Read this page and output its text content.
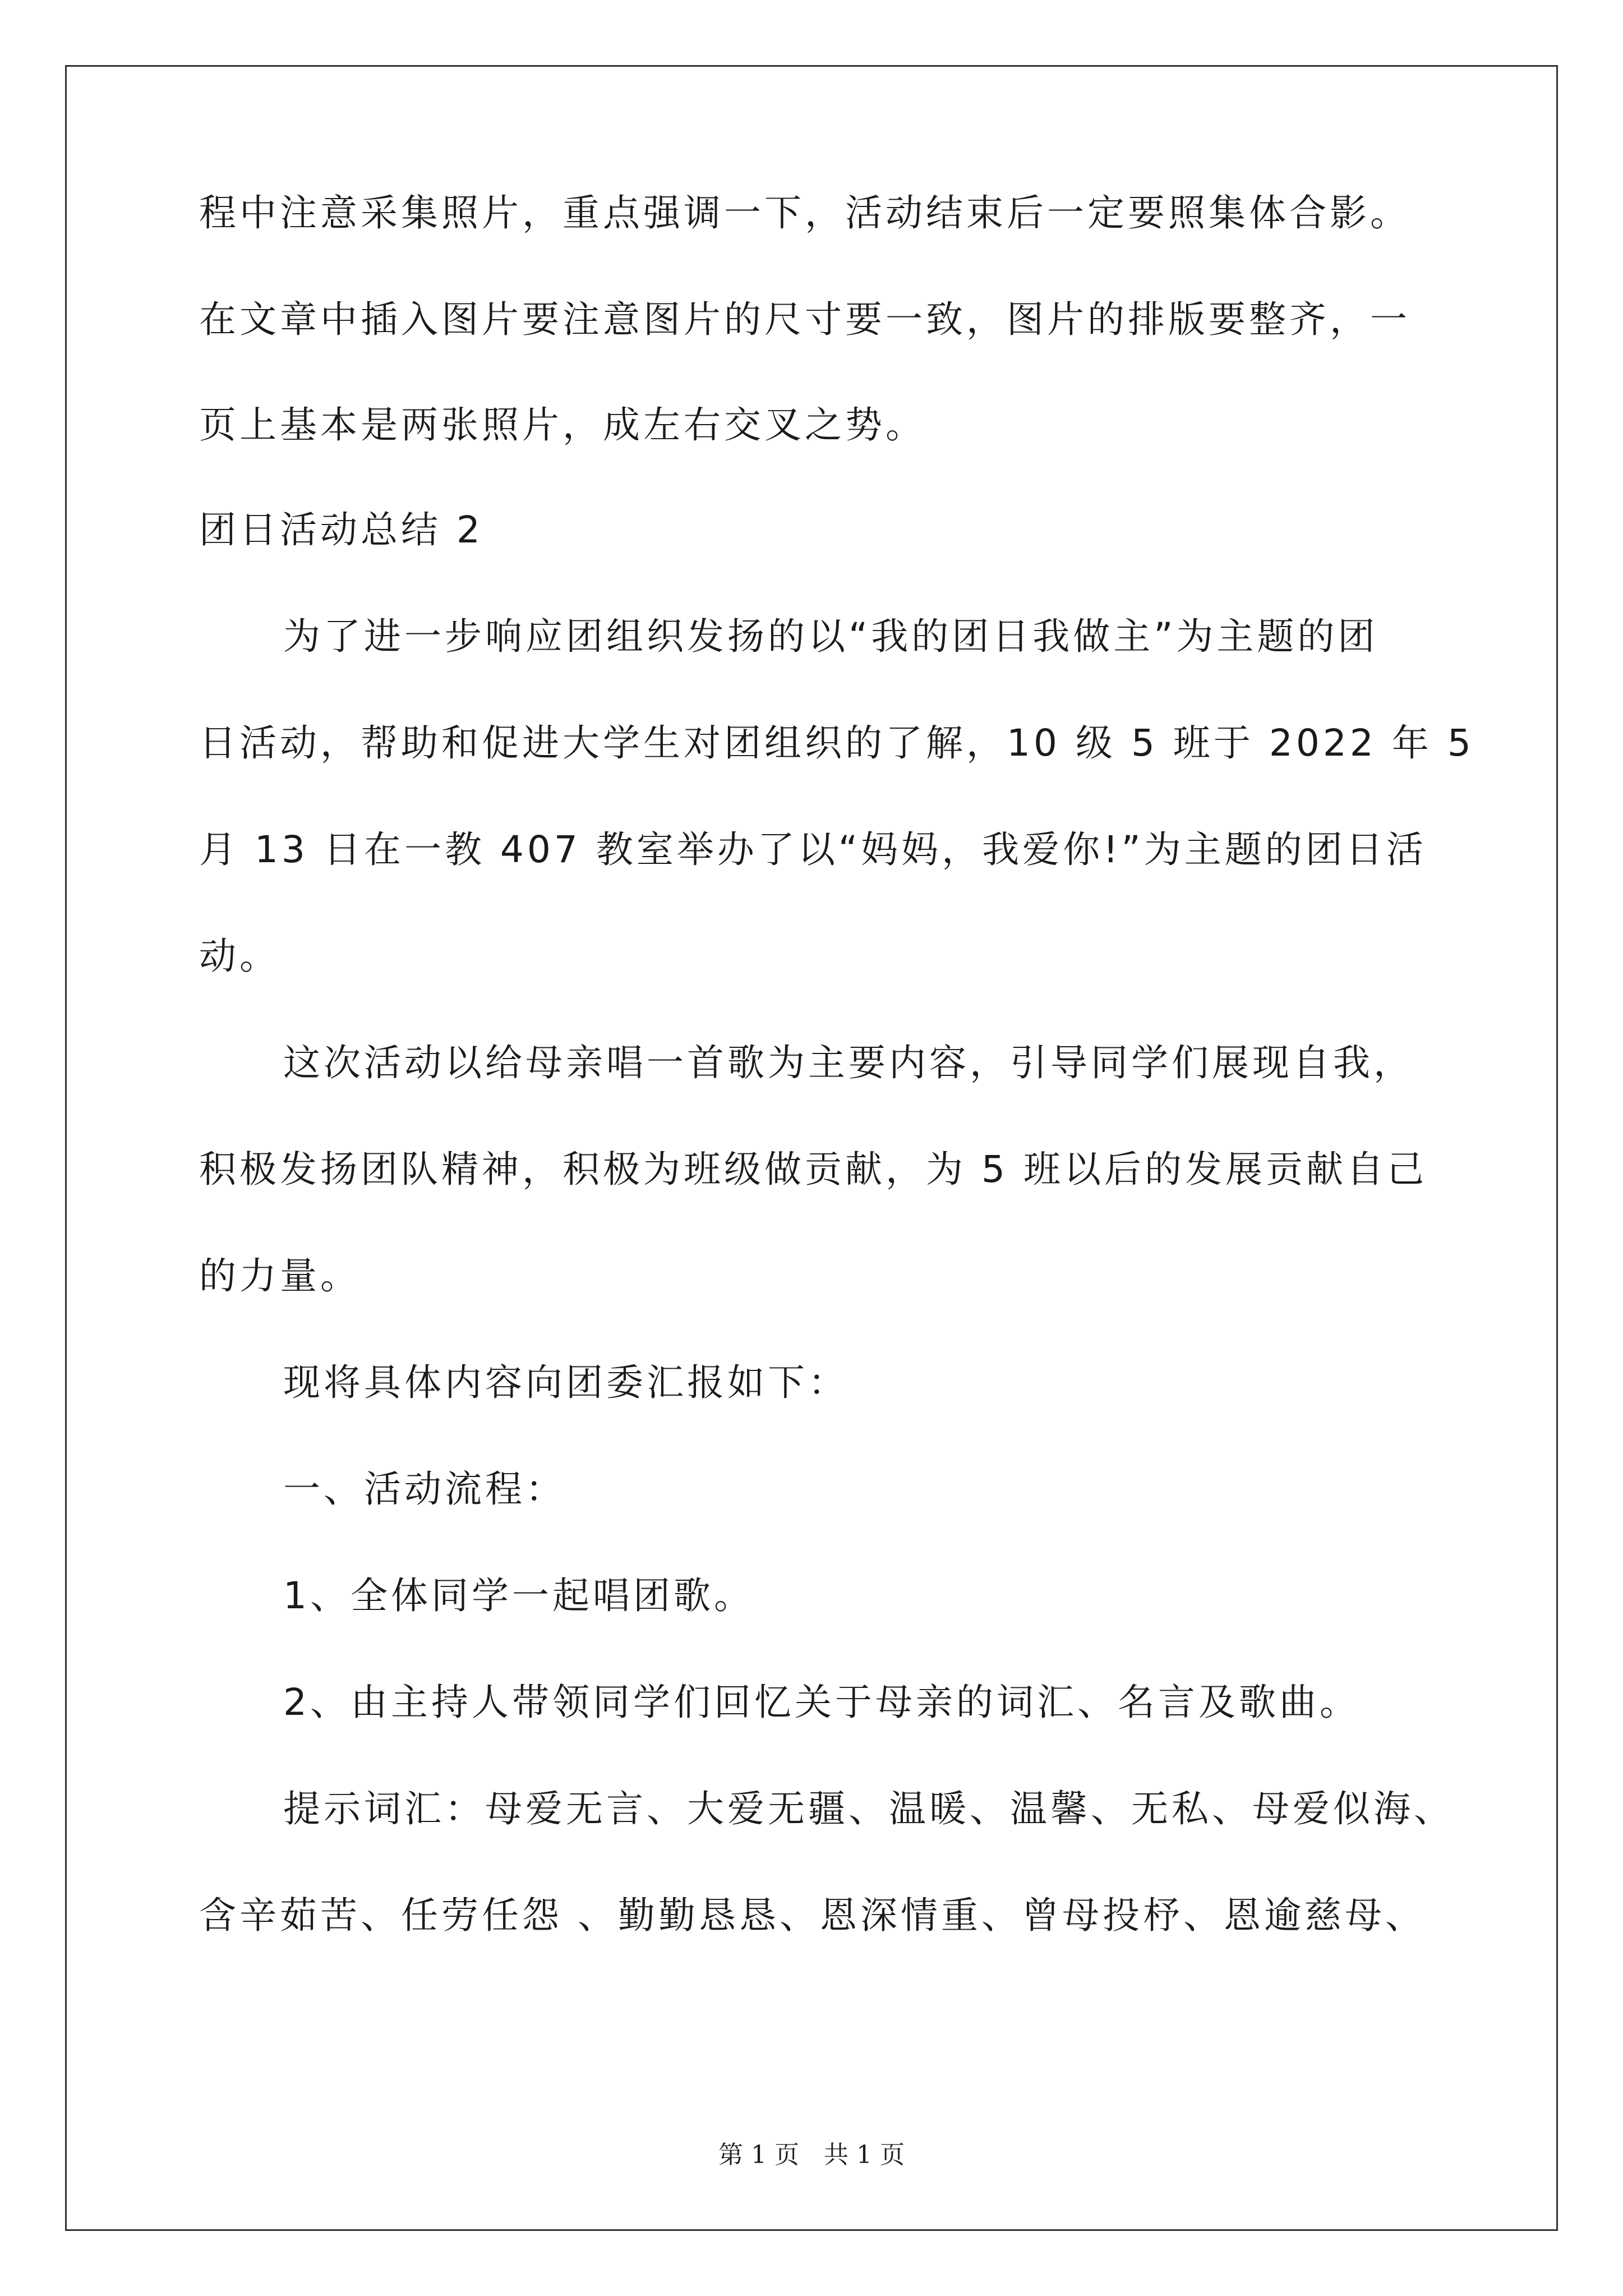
程中注意采集照片，重点强调一下，活动结束后一定要照集体合影。
在文章中插入图片要注意图片的尺寸要一致，图片的排版要整齐，一
页上基本是两张照片，成左右交叉之势。
团日活动总结 2
为了进一步响应团组织发扬的以“我的团日我做主”为主题的团
日活动，帮助和促进大学生对团组织的了解，10 级 5 班于 2022 年 5
月 13 日在一教 407 教室举办了以“妈妈，我爱你!”为主题的团日活
动。
这次活动以给母亲唱一首歌为主要内容，引导同学们展现自我，
积极发扬团队精神，积极为班级做贡献，为 5 班以后的发展贡献自己
的力量。
现将具体内容向团委汇报如下：
一、活动流程：
1、全体同学一起唱团歌。
2、由主持人带领同学们回忆关于母亲的词汇、名言及歌曲。
提示词汇：母爱无言、大爱无疆、温暖、温馨、无私、母爱似海、
含辛茹苦、任劳任怨 、勤勤恳恳、恩深情重、曾母投杼、恩逾慈母、
第 1 页　共 1 页
